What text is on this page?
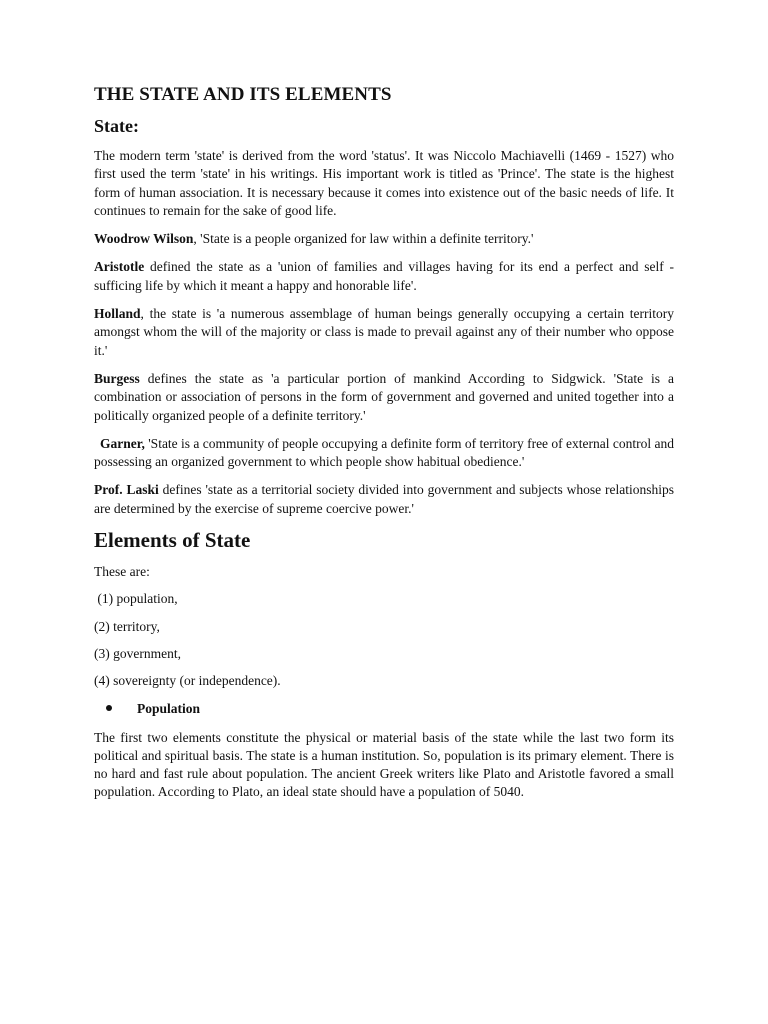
THE STATE AND ITS ELEMENTS
State:

The modern term 'state' is derived from the word 'status'. It was Niccolo Machiavelli (1469 - 1527) who first used the term 'state' in his writings. His important work is titled as 'Prince'. The state is the highest form of human association. It is necessary because it comes into existence out of the basic needs of life. It continues to remain for the sake of good life.

Woodrow Wilson, 'State is a people organized for law within a definite territory.'

Aristotle defined the state as a 'union of families and villages having for its end a perfect and self - sufficing life by which it meant a happy and honorable life'.

Holland, the state is 'a numerous assemblage of human beings generally occupying a certain territory amongst whom the will of the majority or class is made to prevail against any of their number who oppose it.'

Burgess defines the state as 'a particular portion of mankind According to Sidgwick. 'State is a combination or association of persons in the form of government and governed and united together into a politically organized people of a definite territory.'

Garner, 'State is a community of people occupying a definite form of territory free of external control and possessing an organized government to which people show habitual obedience.'

Prof. Laski defines 'state as a territorial society divided into government and subjects whose relationships are determined by the exercise of supreme coercive power.'

Elements of State

These are:

(1) population,

(2) territory,

(3) government,

(4) sovereignty (or independence).

Population

The first two elements constitute the physical or material basis of the state while the last two form its political and spiritual basis. The state is a human institution. So, population is its primary element. There is no hard and fast rule about population. The ancient Greek writers like Plato and Aristotle favored a small population. According to Plato, an ideal state should have a population of 5040.
